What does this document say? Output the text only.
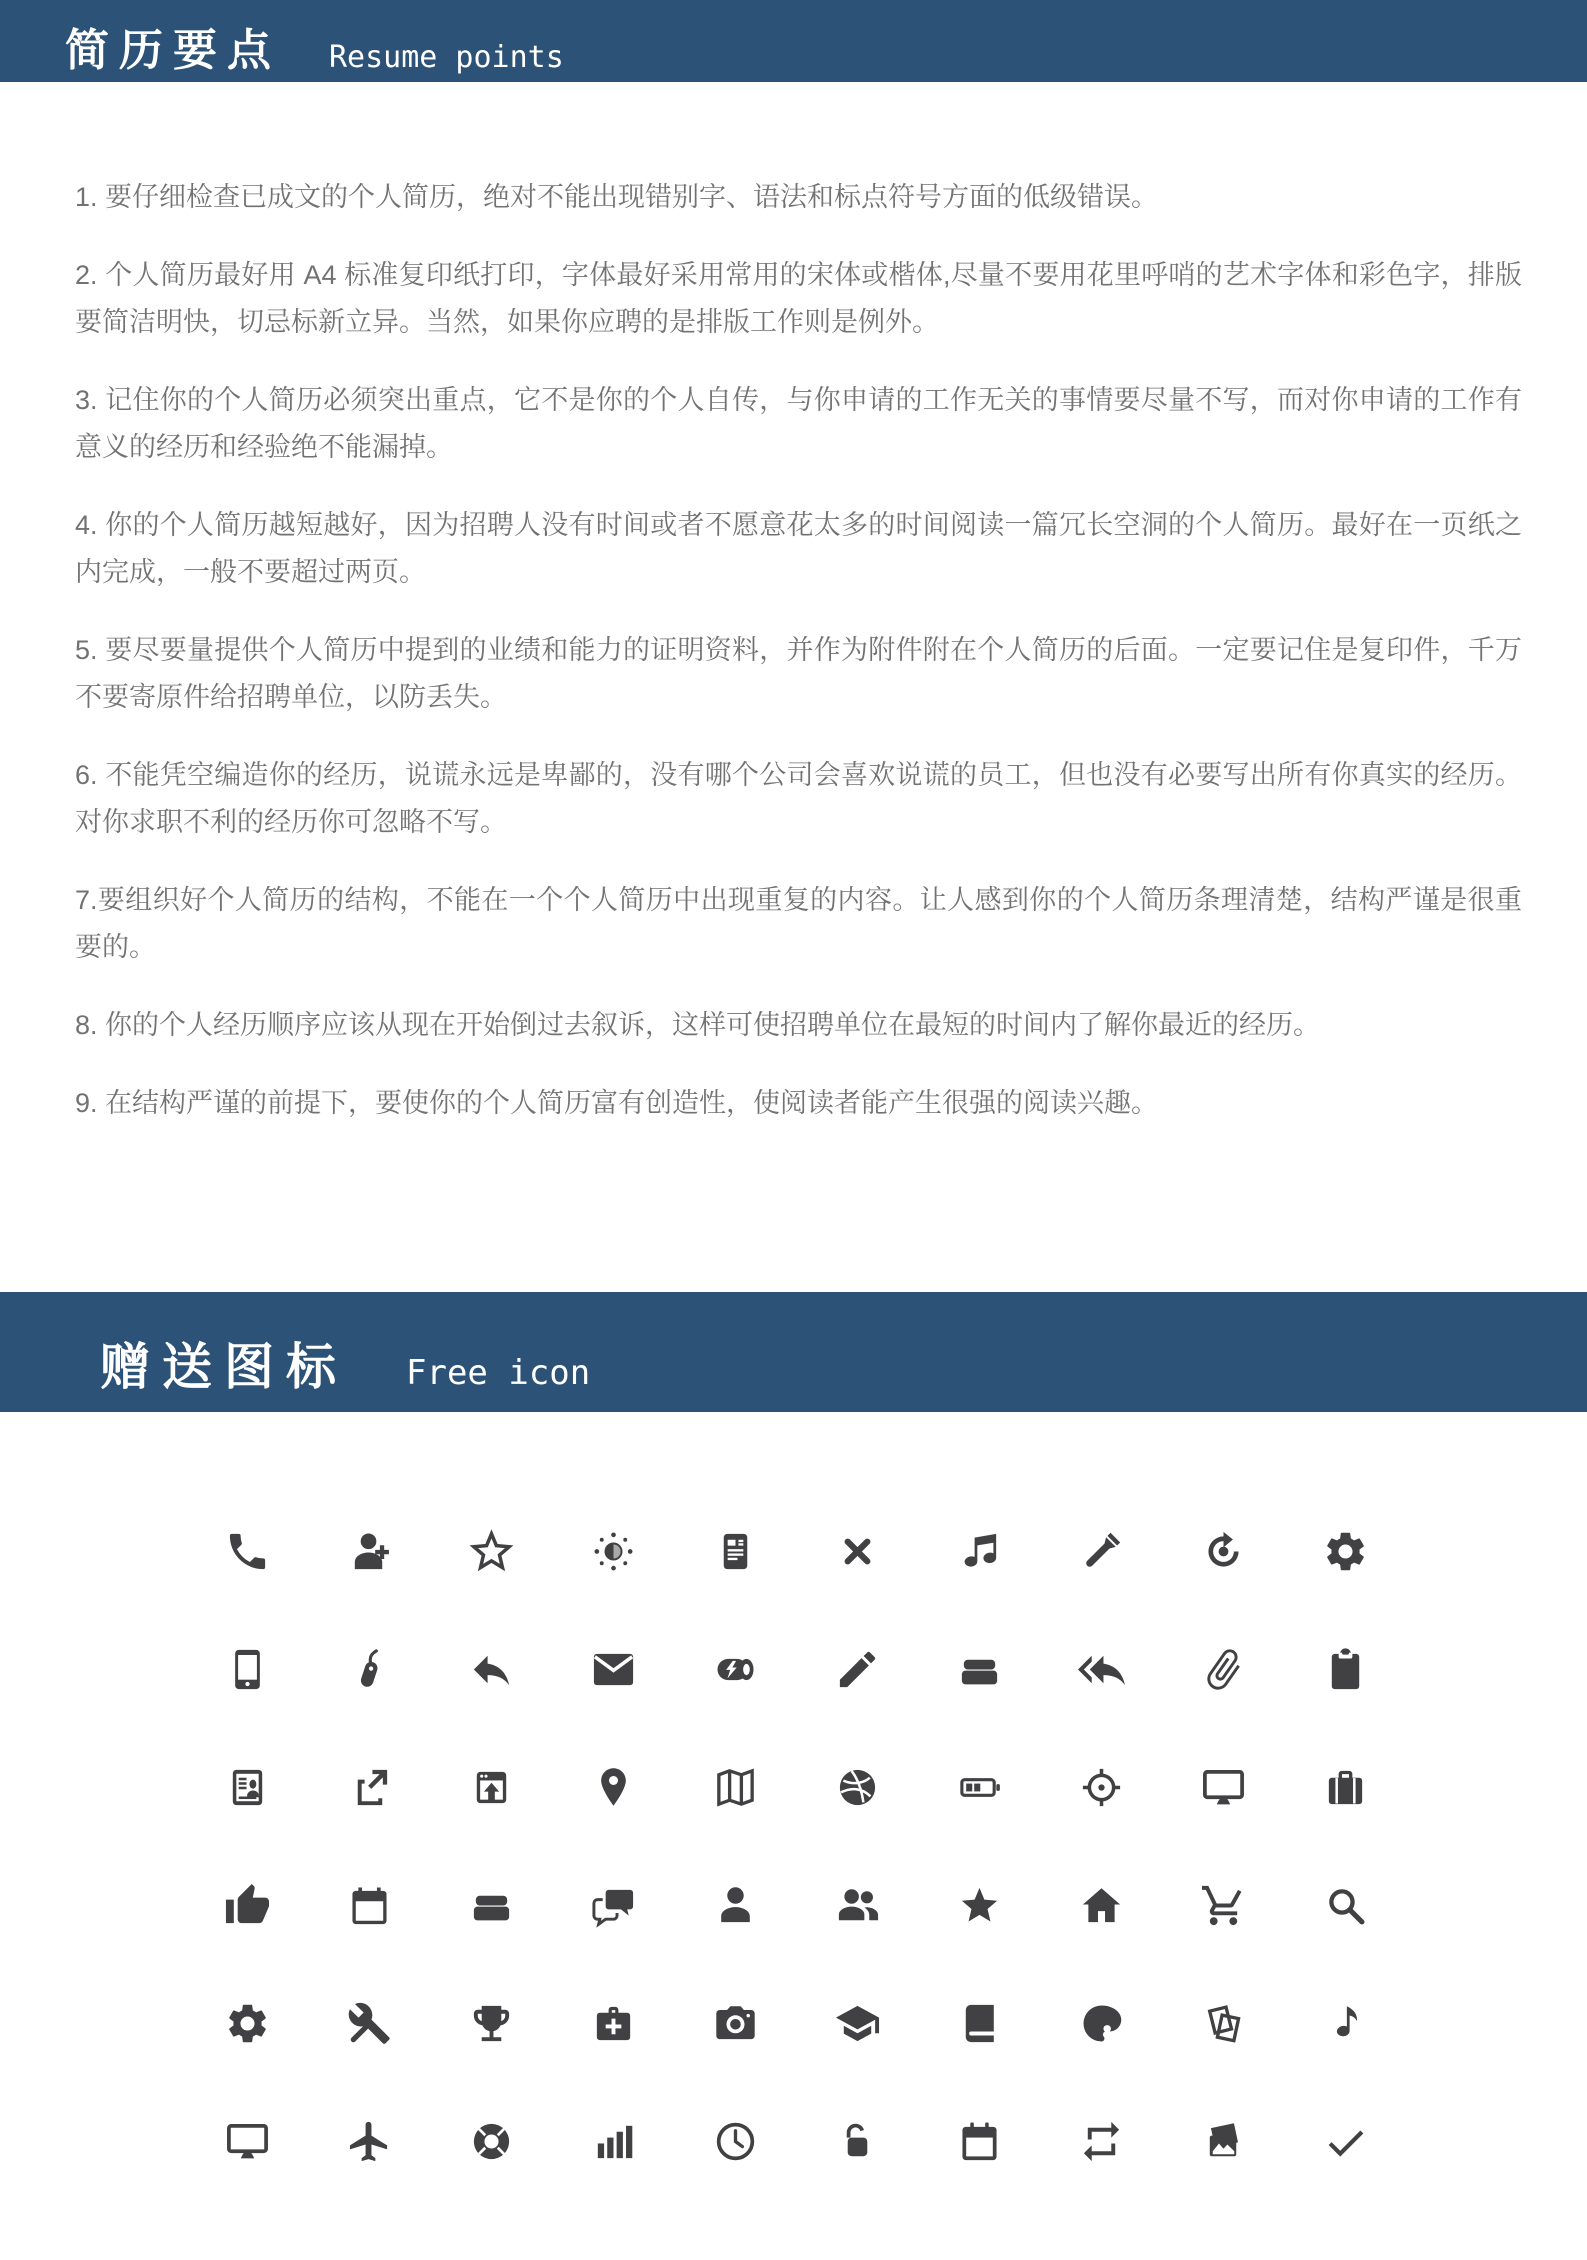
简历要点 Resume points

1. 要仔细检查已成文的个人简历，绝对不能出现错别字、语法和标点符号方面的低级错误。

2. 个人简历最好用 A4 标准复印纸打印，字体最好采用常用的宋体或楷体,尽量不要用花里呼哨的艺术字体和彩色字，排版要简洁明快，切忌标新立异。当然，如果你应聘的是排版工作则是例外。

3. 记住你的个人简历必须突出重点，它不是你的个人自传，与你申请的工作无关的事情要尽量不写，而对你申请的工作有意义的经历和经验绝不能漏掉。

4. 你的个人简历越短越好，因为招聘人没有时间或者不愿意花太多的时间阅读一篇冗长空洞的个人简历。最好在一页纸之内完成，一般不要超过两页。

5. 要尽要量提供个人简历中提到的业绩和能力的证明资料，并作为附件附在个人简历的后面。一定要记住是复印件，千万不要寄原件给招聘单位，以防丢失。

6. 不能凭空编造你的经历，说谎永远是卑鄙的，没有哪个公司会喜欢说谎的员工，但也没有必要写出所有你真实的经历。对你求职不利的经历你可忽略不写。

7.要组织好个人简历的结构，不能在一个个人简历中出现重复的内容。让人感到你的个人简历条理清楚，结构严谨是很重要的。

8. 你的个人经历顺序应该从现在开始倒过去叙诉，这样可使招聘单位在最短的时间内了解你最近的经历。

9. 在结构严谨的前提下，要使你的个人简历富有创造性，使阅读者能产生很强的阅读兴趣。

赠送图标 Free icon
